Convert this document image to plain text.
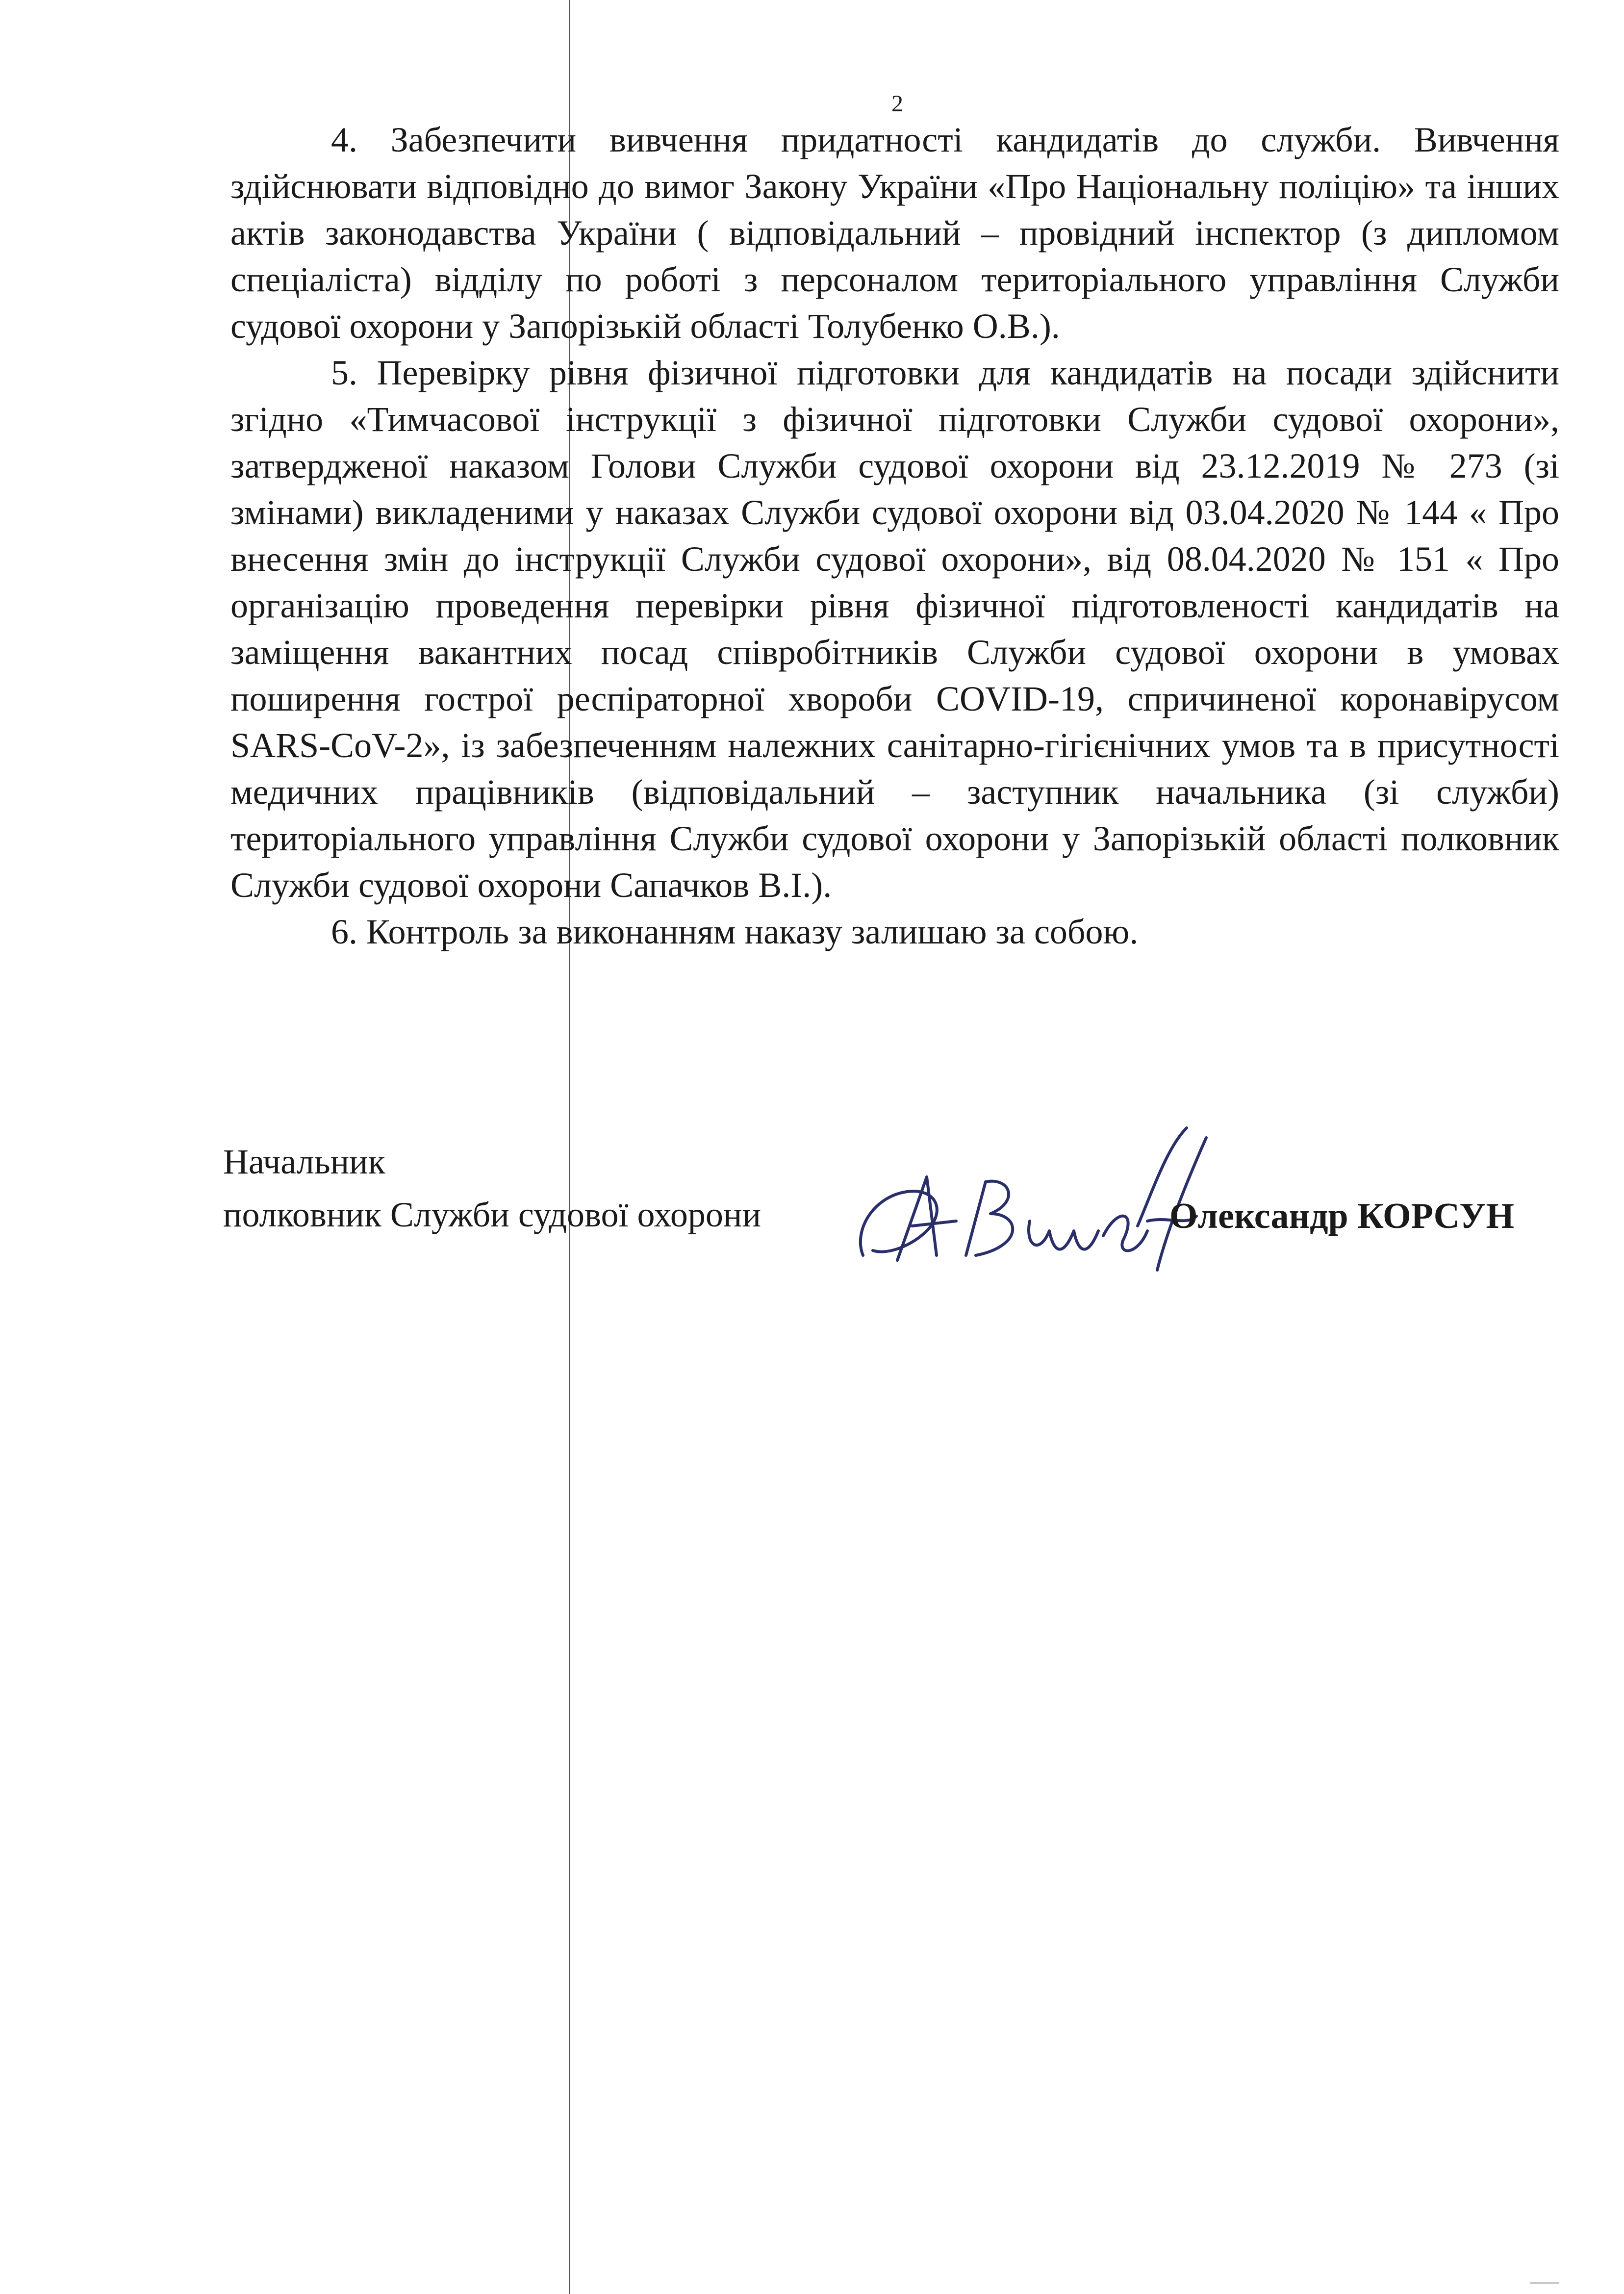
2

4. Забезпечити вивчення придатності кандидатів до служби. Вивчення здійснювати відповідно до вимог Закону України «Про Національну поліцію» та інших актів законодавства України ( відповідальний – провідний інспектор (з дипломом спеціаліста) відділу по роботі з персоналом територіального управління Служби судової охорони у Запорізькій області Толубенко О.В.).

5. Перевірку рівня фізичної підготовки для кандидатів на посади здійснити згідно «Тимчасової інструкції з фізичної підготовки Служби судової охорони», затвердженої наказом Голови Служби судової охорони від 23.12.2019 № 273 (зі змінами) викладеними у наказах Служби судової охорони від 03.04.2020 № 144 « Про внесення змін до інструкції Служби судової охорони», від 08.04.2020 № 151 « Про організацію проведення перевірки рівня фізичної підготовленості кандидатів на заміщення вакантних посад співробітників Служби судової охорони в умовах поширення гострої респіраторної хвороби COVID-19, спричиненої коронавірусом SARS-CoV-2», із забезпеченням належних санітарно-гігієнічних умов та в присутності медичних працівників (відповідальний – заступник начальника (зі служби) територіального управління Служби судової охорони у Запорізькій області полковник Служби судової охорони Сапачков В.І.).

6. Контроль за виконанням наказу залишаю за собою.

Начальник
полковник Служби судової охорони	Олександр КОРСУН
